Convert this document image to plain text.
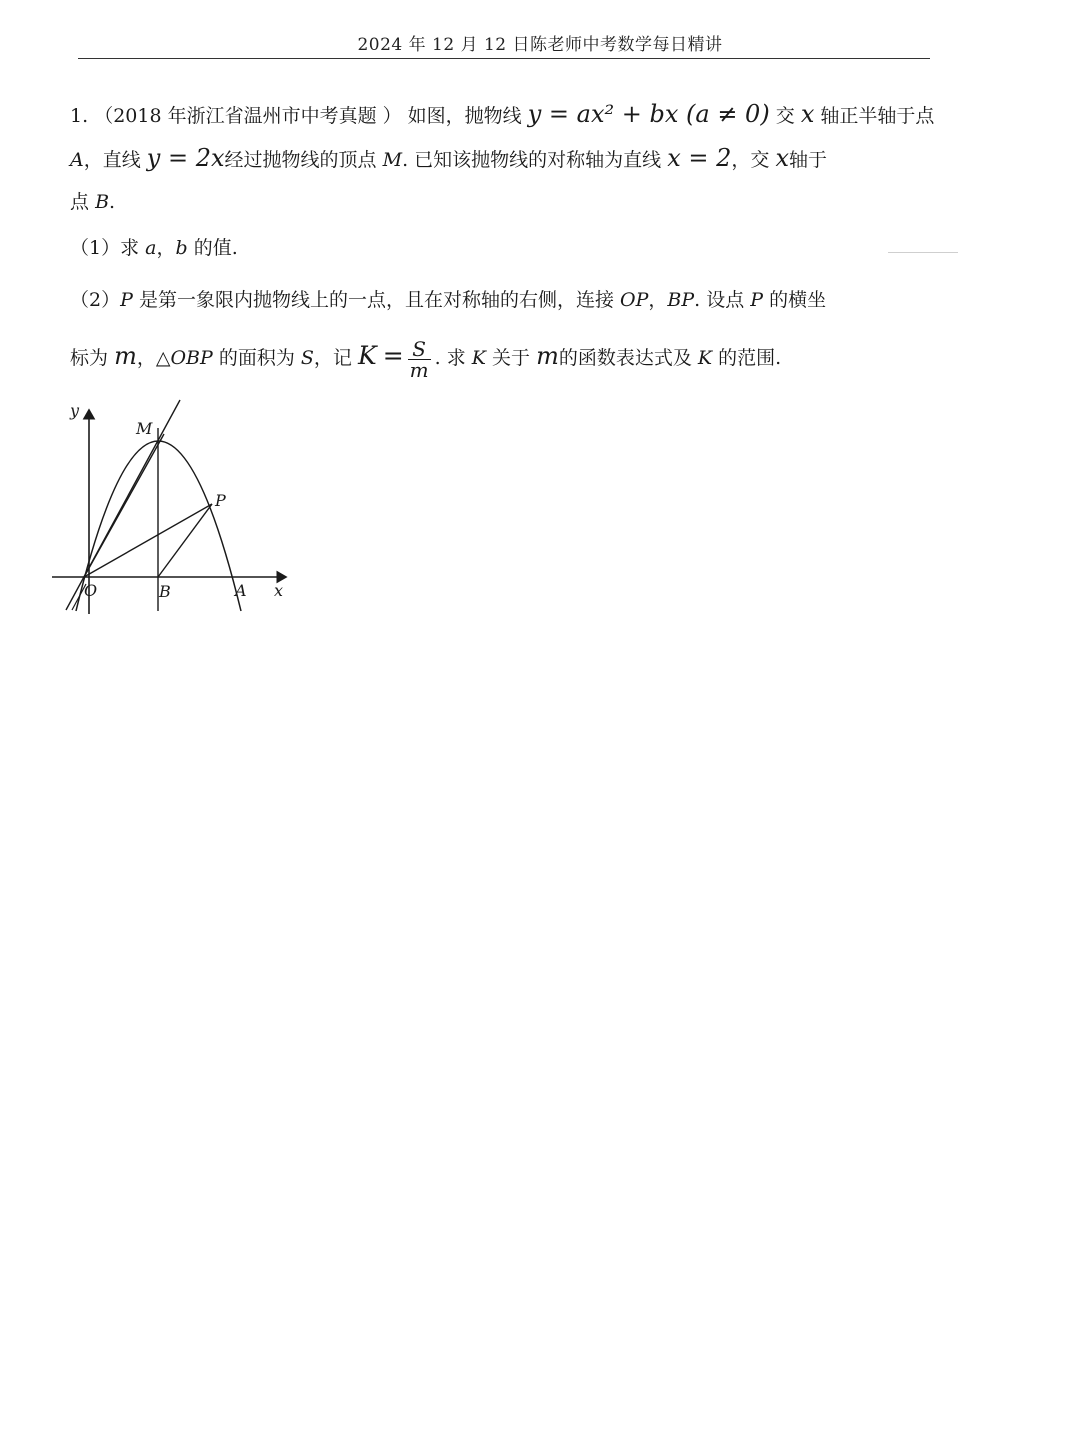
2024 年 12 月 12 日陈老师中考数学每日精讲
1. （2018 年浙江省温州市中考真题 ） 如图，抛物线 y = ax² + bx (a ≠ 0) 交 x 轴正半轴于点
A，直线 y = 2x经过抛物线的顶点 M. 已知该抛物线的对称轴为直线 x = 2，交 x轴于
点 B.
（1）求 a，b 的值.
（2）P 是第一象限内抛物线上的一点，且在对称轴的右侧，连接 OP，BP. 设点 P 的横坐
标为 m，△OBP 的面积为 S，记 $K = \frac{S}{m}$ . 求 K 关于 m的函数表达式及 K 的范围.
y
M
P
O	B	A x
